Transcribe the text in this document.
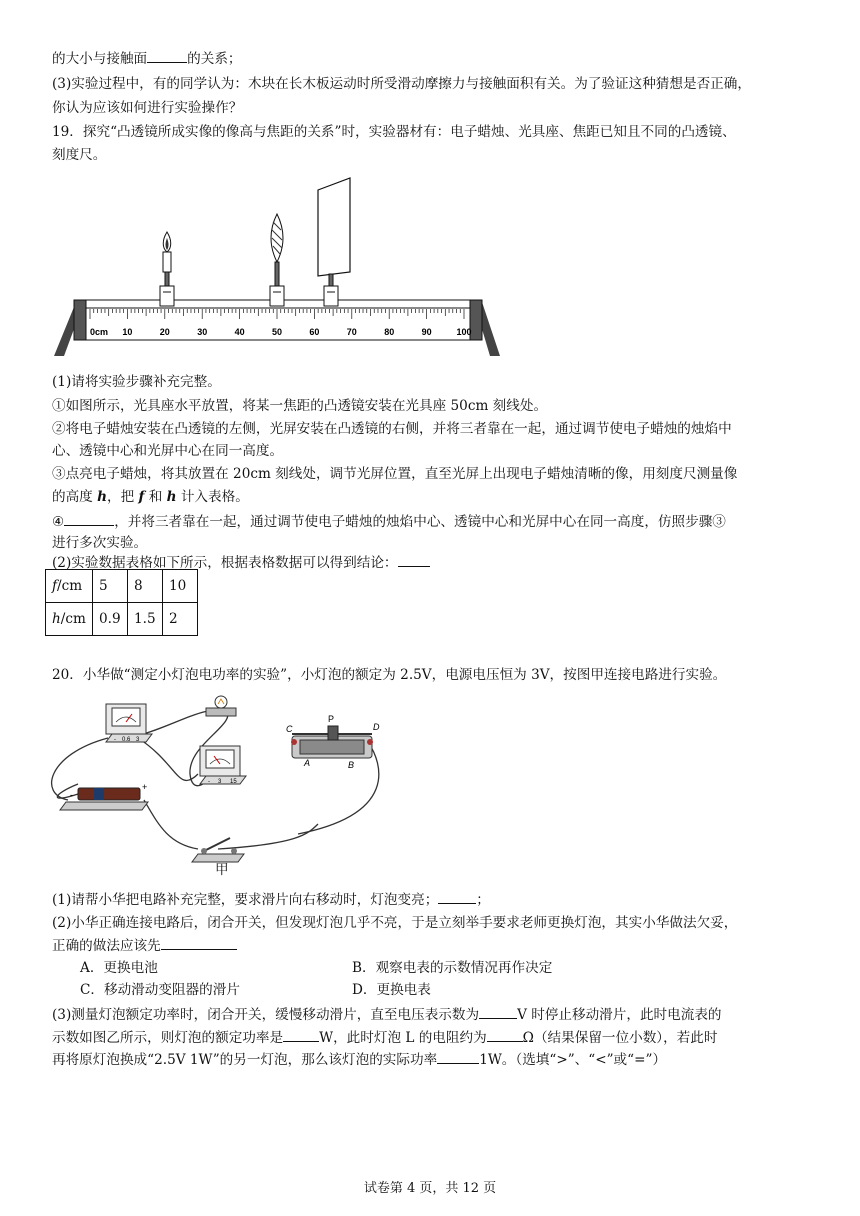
的大小与接触面	的关系；
(3)实验过程中，有的同学认为：木块在长木板运动时所受滑动摩擦力与接触面积有关。为了验证这种猜想是否正确，
你认为应该如何进行实验操作？
19．探究“凸透镜所成实像的像高与焦距的关系”时，实验器材有：电子蜡烛、光具座、焦距已知且不同的凸透镜、
刻度尺。
0cm 10	20	30	40	50	60	70	80	90	100
(1)请将实验步骤补充完整。
①如图所示，光具座水平放置，将某一焦距的凸透镜安装在光具座 50cm 刻线处。
②将电子蜡烛安装在凸透镜的左侧，光屏安装在凸透镜的右侧，并将三者靠在一起，通过调节使电子蜡烛的烛焰中
心、透镜中心和光屏中心在同一高度。
③点亮电子蜡烛，将其放置在 20cm 刻线处，调节光屏位置，直至光屏上出现电子蜡烛清晰的像，用刻度尺测量像
的高度 h，把 f 和 h 计入表格。
④	，并将三者靠在一起，通过调节使电子蜡烛的烛焰中心、透镜中心和光屏中心在同一高度，仿照步骤③
进行多次实验。
(2)实验数据表格如下所示，根据表格数据可以得到结论：
f/cm	5	8	10
h/cm	0.9	1.5	2
20．小华做“测定小灯泡电功率的实验”，小灯泡的额定为 2.5V，电源电压恒为 3V，按图甲连接电路进行实验。
- 0.6 3
- 3 15
C
P
D
A	B
-
+
甲
(1)请帮小华把电路补充完整，要求滑片向右移动时，灯泡变亮；	；
(2)小华正确连接电路后，闭合开关，但发现灯泡几乎不亮，于是立刻举手要求老师更换灯泡，其实小华做法欠妥，
正确的做法应该先
A．更换电池	B．观察电表的示数情况再作决定
C．移动滑动变阻器的滑片	D．更换电表
(3)测量灯泡额定功率时，闭合开关，缓慢移动滑片，直至电压表示数为	V 时停止移动滑片，此时电流表的
示数如图乙所示，则灯泡的额定功率是	W，此时灯泡 L 的电阻约为	Ω（结果保留一位小数），若此时
再将原灯泡换成“2.5V 1W”的另一灯泡，那么该灯泡的实际功率	1W。（选填“>”、“<”或“=”）
试卷第 4 页，共 12 页
